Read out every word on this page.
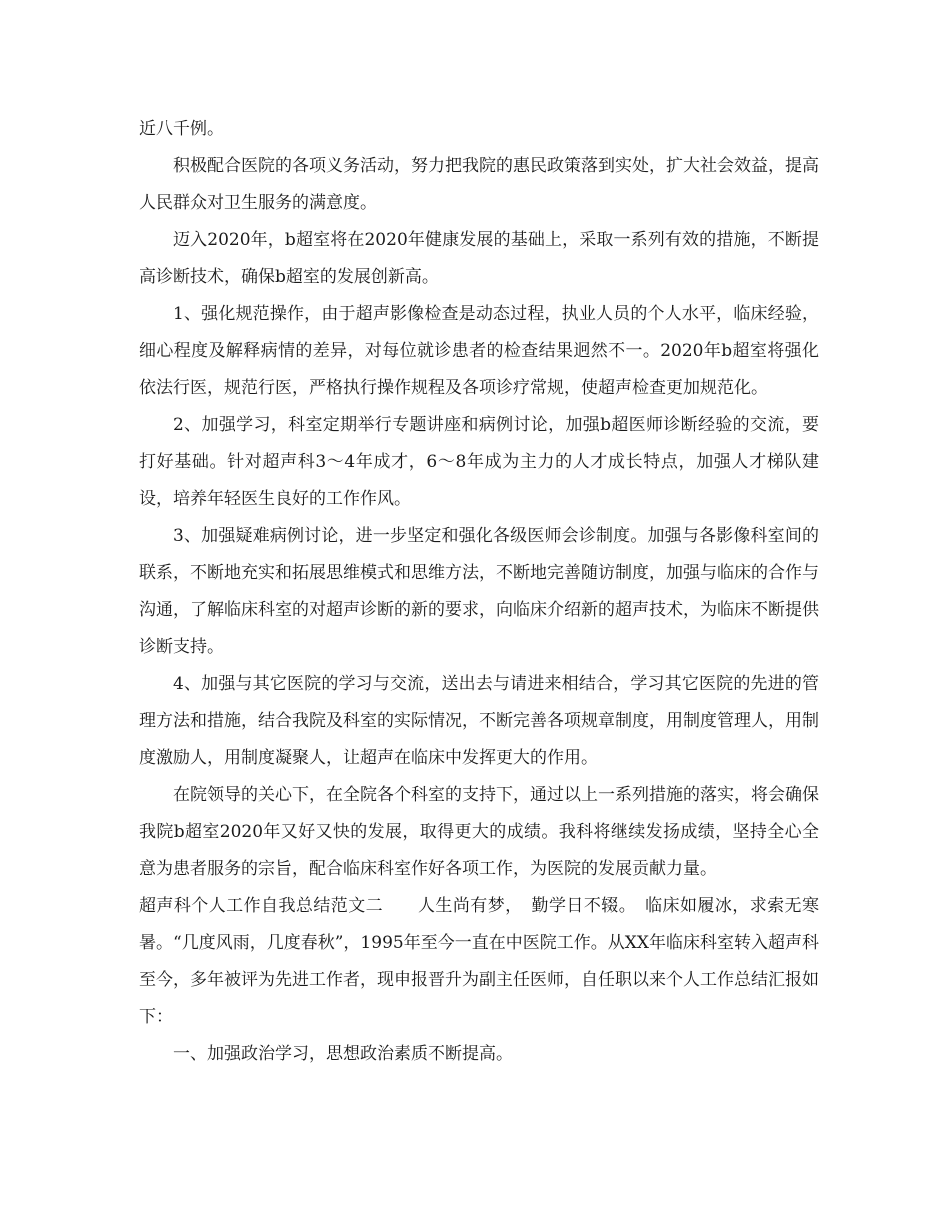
近八千例。

积极配合医院的各项义务活动，努力把我院的惠民政策落到实处，扩大社会效益，提高人民群众对卫生服务的满意度。

迈入2020年，b超室将在2020年健康发展的基础上，采取一系列有效的措施，不断提高诊断技术，确保b超室的发展创新高。

1、强化规范操作，由于超声影像检查是动态过程，执业人员的个人水平，临床经验，细心程度及解释病情的差异，对每位就诊患者的检查结果迥然不一。2020年b超室将强化依法行医，规范行医，严格执行操作规程及各项诊疗常规，使超声检查更加规范化。

2、加强学习，科室定期举行专题讲座和病例讨论，加强b超医师诊断经验的交流，要打好基础。针对超声科3～4年成才，6～8年成为主力的人才成长特点，加强人才梯队建设，培养年轻医生良好的工作作风。

3、加强疑难病例讨论，进一步坚定和强化各级医师会诊制度。加强与各影像科室间的联系，不断地充实和拓展思维模式和思维方法，不断地完善随访制度，加强与临床的合作与沟通，了解临床科室的对超声诊断的新的要求，向临床介绍新的超声技术，为临床不断提供诊断支持。

4、加强与其它医院的学习与交流，送出去与请进来相结合，学习其它医院的先进的管理方法和措施，结合我院及科室的实际情况，不断完善各项规章制度，用制度管理人，用制度激励人，用制度凝聚人，让超声在临床中发挥更大的作用。

在院领导的关心下，在全院各个科室的支持下，通过以上一系列措施的落实，将会确保我院b超室2020年又好又快的发展，取得更大的成绩。我科将继续发扬成绩，坚持全心全意为患者服务的宗旨，配合临床科室作好各项工作，为医院的发展贡献力量。

超声科个人工作自我总结范文二　　人生尚有梦，　勤学日不辍。　临床如履冰，求索无寒暑。“几度风雨，几度春秋”，1995年至今一直在中医院工作。从XX年临床科室转入超声科至今，多年被评为先进工作者，现申报晋升为副主任医师，自任职以来个人工作总结汇报如下：

一、加强政治学习，思想政治素质不断提高。
